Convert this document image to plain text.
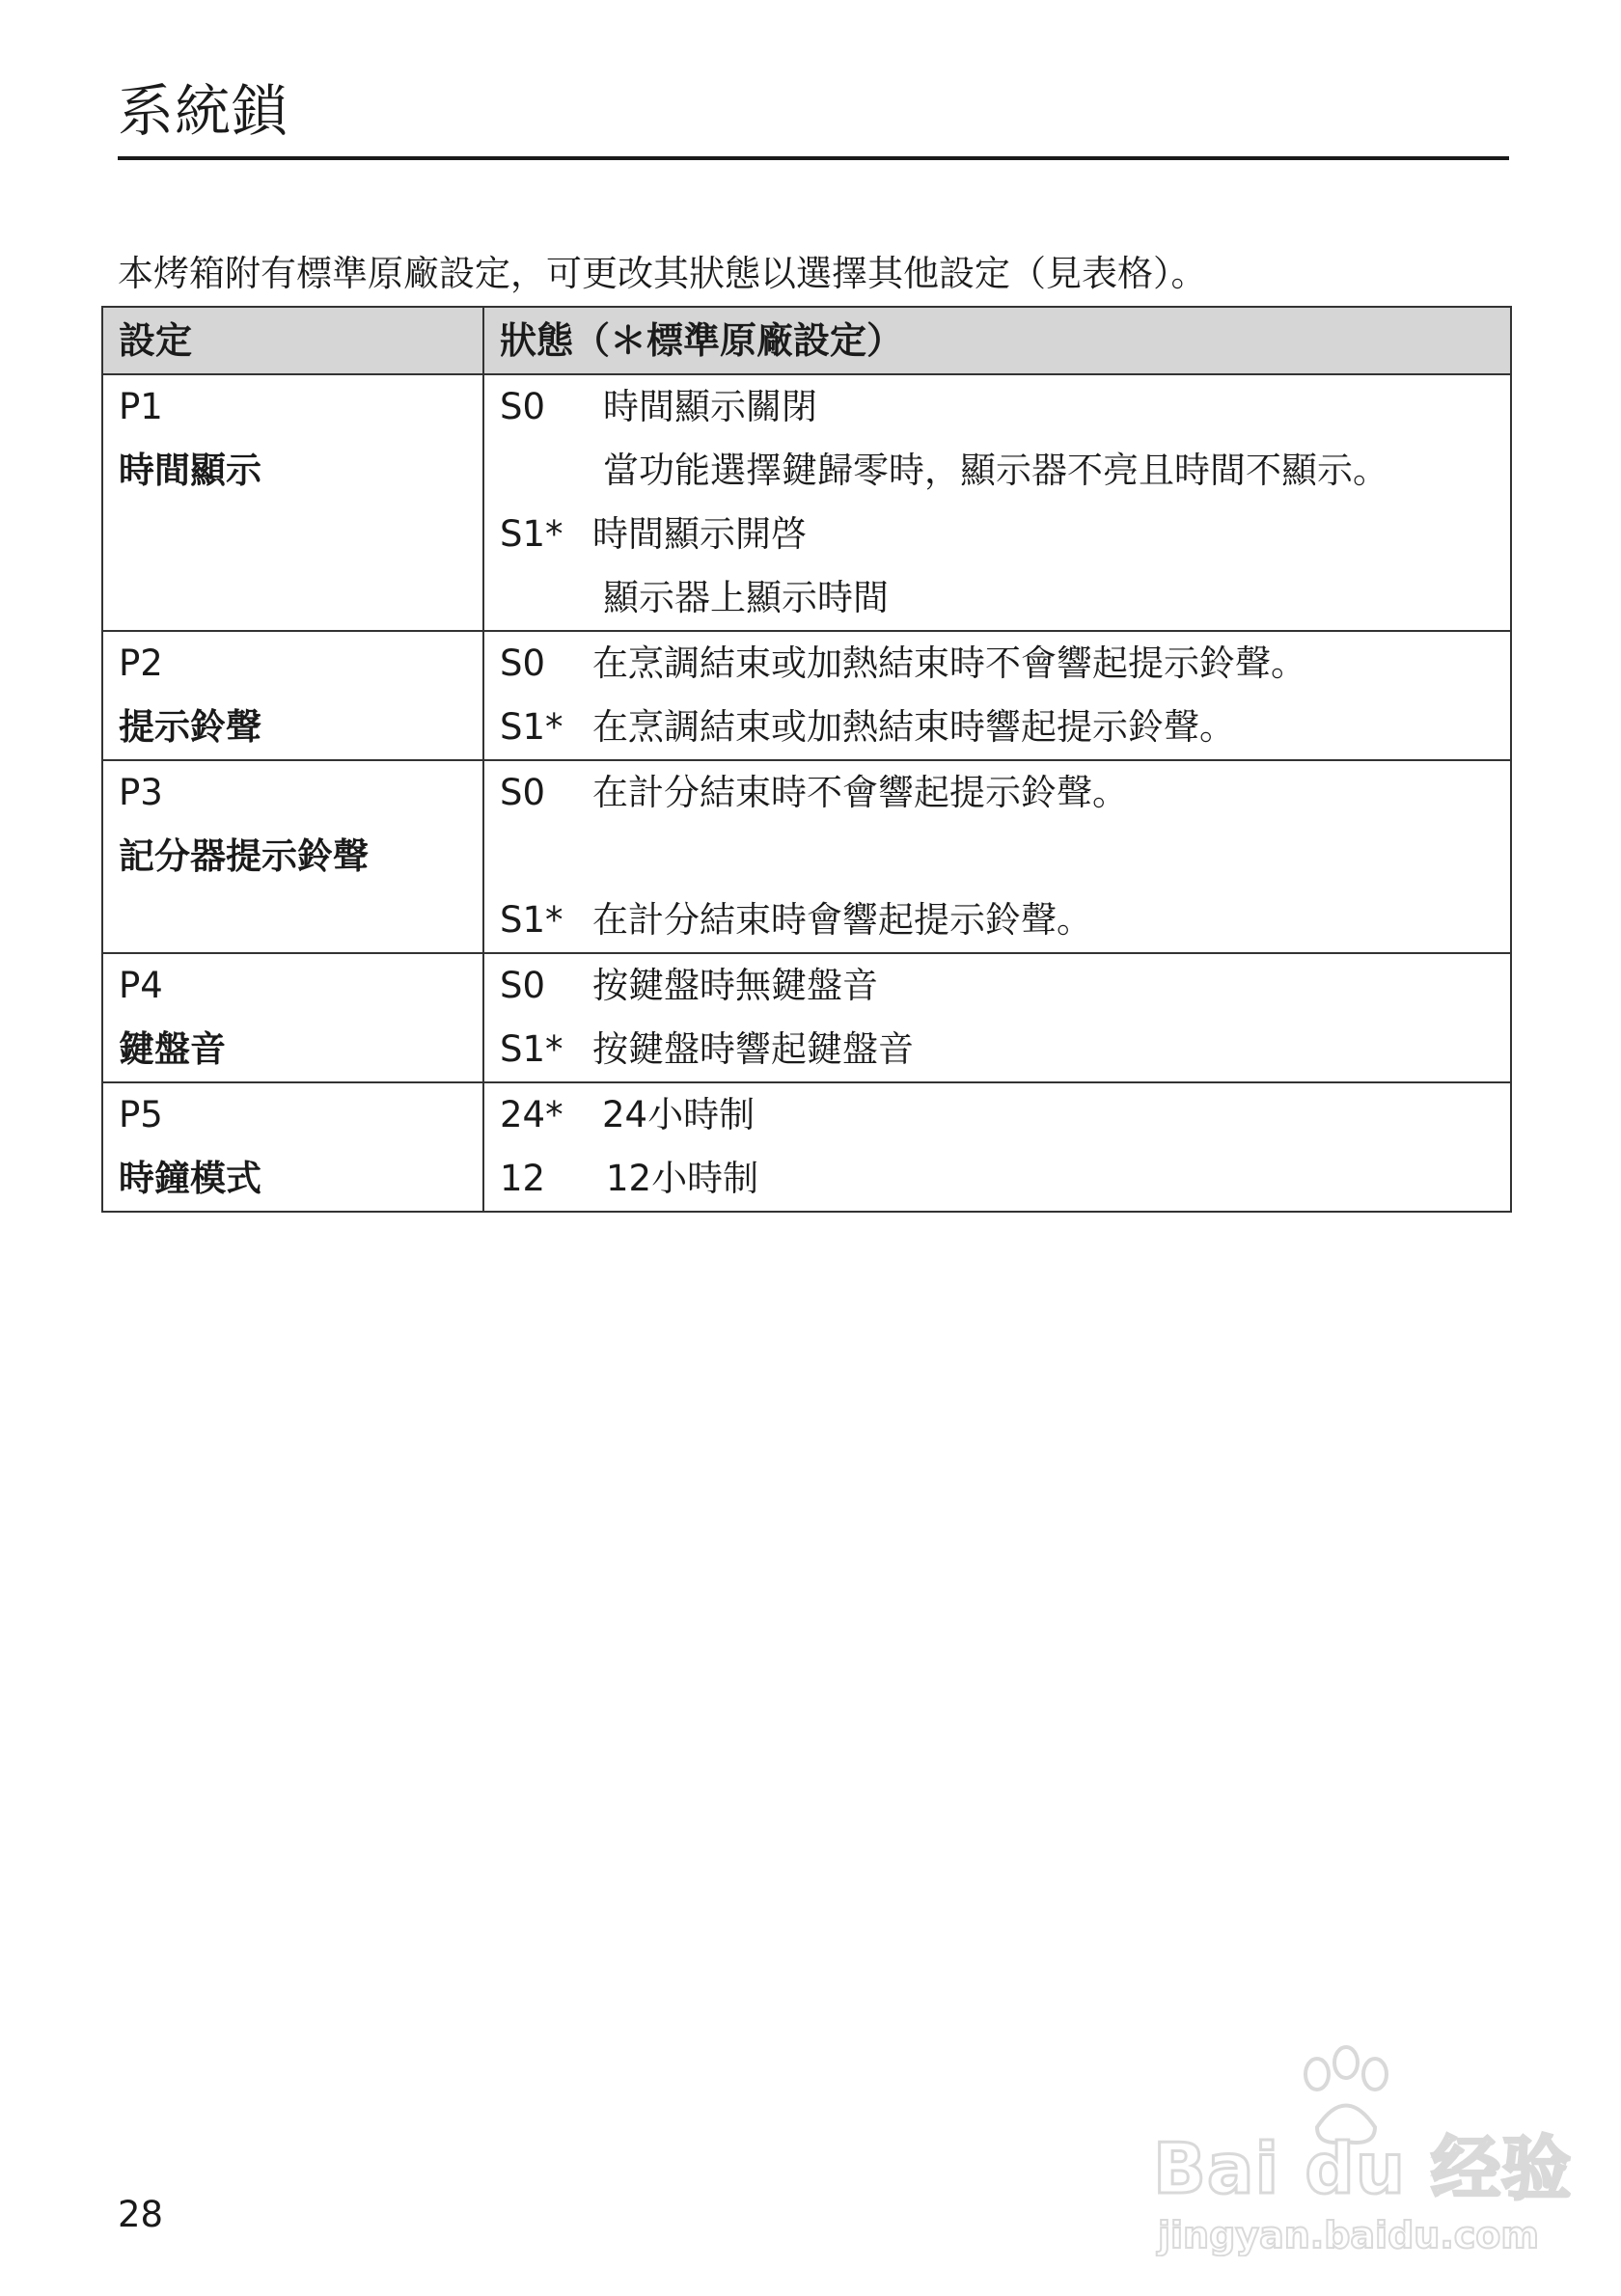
系統鎖

本烤箱附有標準原廠設定，可更改其狀態以選擇其他設定（見表格）。

設定	狀態（＊標準原廠設定）

P1
時間顯示	S0 時間顯示關閉
當功能選擇鍵歸零時，顯示器不亮且時間不顯示。
S1* 時間顯示開啓
顯示器上顯示時間

P2
提示鈴聲	S0 在烹調結束或加熱結束時不會響起提示鈴聲。
S1* 在烹調結束或加熱結束時響起提示鈴聲。

P3
記分器提示鈴聲	S0 在計分結束時不會響起提示鈴聲。
S1* 在計分結束時會響起提示鈴聲。

P4
鍵盤音	S0 按鍵盤時無鍵盤音
S1* 按鍵盤時響起鍵盤音

P5
時鐘模式	24* 24小時制
12 12小時制
28
Bai du 经验
jingyan.baidu.com
